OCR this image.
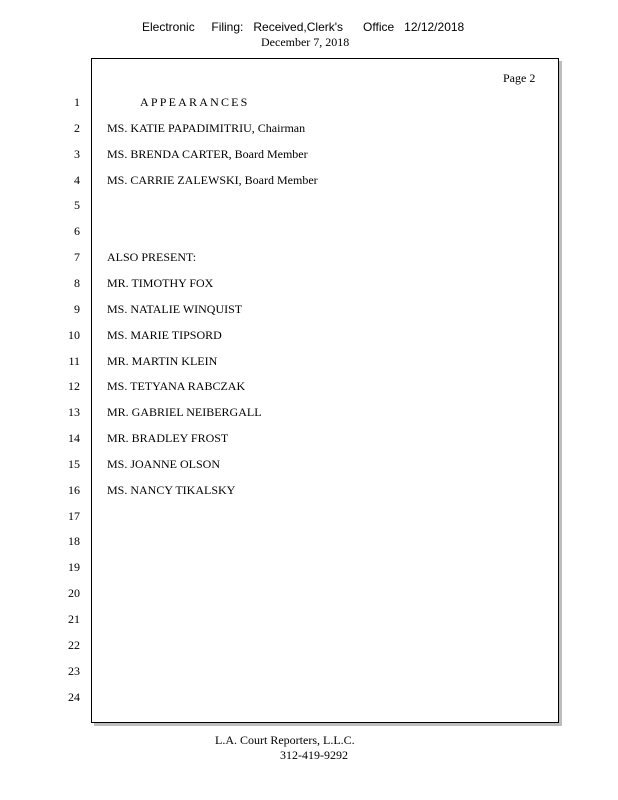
Electronic     Filing:   Received,Clerk's      Office   12/12/2018
December 7, 2018
Page 2
1	APPEARANCES
2 MS. KATIE PAPADIMITRIU, Chairman
3 MS. BRENDA CARTER, Board Member
4 MS. CARRIE ZALEWSKI, Board Member
5
6
7 ALSO PRESENT:
8 MR. TIMOTHY FOX
9 MS. NATALIE WINQUIST
10 MS. MARIE TIPSORD
11 MR. MARTIN KLEIN
12 MS. TETYANA RABCZAK
13 MR. GABRIEL NEIBERGALL
14 MR. BRADLEY FROST
15 MS. JOANNE OLSON
16 MS. NANCY TIKALSKY
17
18
19
20
21
22
23
24
L.A. Court Reporters, L.L.C.
312-419-9292
